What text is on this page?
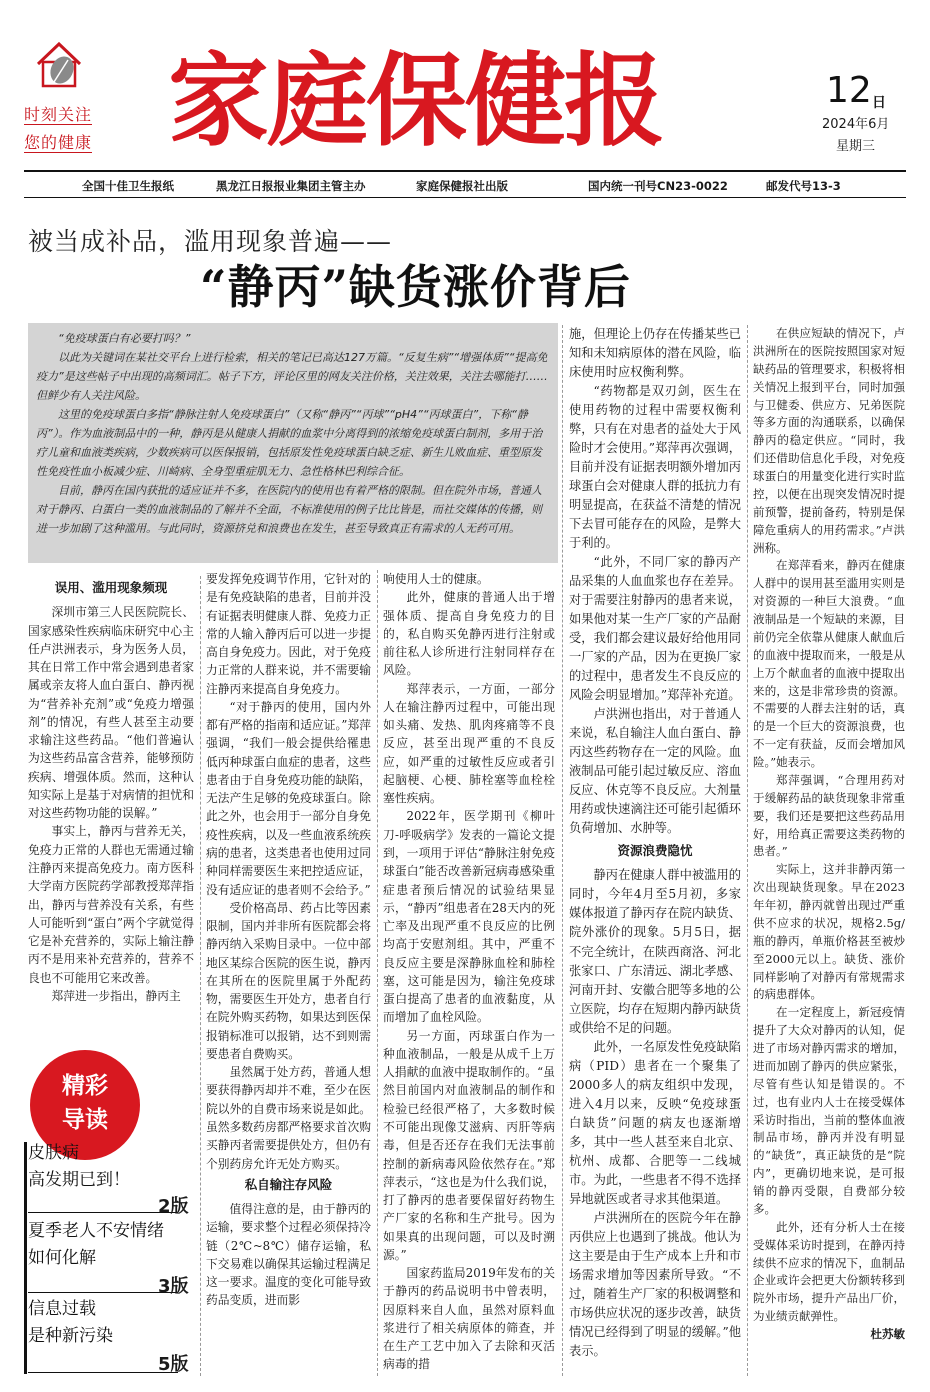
时刻关注
您的健康 家庭保健报	12 日
2024年6月
星期三
全国十佳卫生报纸	黑龙江日报报业集团主管主办	家庭保健报社出版	国内统一刊号CN23-0022	邮发代号13-3
被当成补品，滥用现象普遍——
“静丙”缺货涨价背后

“免疫球蛋白有必要打吗？”

以此为关键词在某社交平台上进行检索，相关的笔记已高达127万篇。“反复生病”“增强体质”“提高免疫力”是这些帖子中出现的高频词汇。帖子下方，评论区里的网友关注价格，关注效果，关注去哪能打……但鲜少有人关注风险。

这里的免疫球蛋白多指“静脉注射人免疫球蛋白”（又称“静丙”“丙球”“pH4”“丙球蛋白”，下称“静丙”）。作为血液制品中的一种，静丙是从健康人捐献的血浆中分离得到的浓缩免疫球蛋白制剂，多用于治疗儿童和血液类疾病，少数疾病可以医保报销，包括原发性免疫球蛋白缺乏症、新生儿败血症、重型原发性免疫性血小板减少症、川崎病、全身型重症肌无力、急性格林巴利综合征。

目前，静丙在国内获批的适应证并不多，在医院内的使用也有着严格的限制。但在院外市场，普通人对于静丙、白蛋白一类的血液制品的了解并不全面，不标准使用的例子比比皆是，而社交媒体的传播，则进一步加剧了这种滥用。与此同时，资源挤兑和浪费也在发生，甚至导致真正有需求的人无药可用。

误用、滥用现象频现

深圳市第三人民医院院长、国家感染性疾病临床研究中心主任卢洪洲表示，身为医务人员，其在日常工作中常会遇到患者家属或亲友将人血白蛋白、静丙视为“营养补充剂”或“免疫力增强剂”的情况，有些人甚至主动要求输注这些药品。“他们普遍认为这些药品富含营养，能够预防疾病、增强体质。然而，这种认知实际上是基于对病情的担忧和对这些药物功能的误解。”

事实上，静丙与营养无关，免疫力正常的人群也无需通过输注静丙来提高免疫力。南方医科大学南方医院药学部教授郑萍指出，静丙与营养没有关系，有些人可能听到“蛋白”两个字就觉得它是补充营养的，实际上输注静丙不是用来补充营养的，营养不良也不可能用它来改善。

郑萍进一步指出，静丙主

要发挥免疫调节作用，它针对的是有免疫缺陷的患者，目前并没有证据表明健康人群、免疫力正常的人输入静丙后可以进一步提高自身免疫力。因此，对于免疫力正常的人群来说，并不需要输注静丙来提高自身免疫力。

“对于静丙的使用，国内外都有严格的指南和适应证。”郑萍强调，“我们一般会提供给罹患低丙种球蛋白血症的患者，这些患者由于自身免疫功能的缺陷，无法产生足够的免疫球蛋白。除此之外，也会用于一部分自身免疫性疾病，以及一些血液系统疾病的患者，这类患者也使用过同种同样需要医生来把控适应证，没有适应证的患者则不会给予。”

受价格高昂、药占比等因素限制，国内并非所有医院都会将静丙纳入采购目录中。一位中部地区某综合医院的医生说，静丙在其所在的医院里属于外配药物，需要医生开处方，患者自行在院外购买药物，如果达到医保报销标准可以报销，达不到则需要患者自费购买。

虽然属于处方药，普通人想要获得静丙却并不难，至少在医院以外的自费市场来说是如此。虽然多数药房都严格要求首次购买静丙者需要提供处方，但仍有个别药房允许无处方购买。

私自输注存风险

值得注意的是，由于静丙的运输，要求整个过程必须保持冷链（2℃~8℃）储存运输，私下交易难以确保其运输过程满足这一要求。温度的变化可能导致药品变质，进而影

响使用人士的健康。

此外，健康的普通人出于增强体质、提高自身免疫力的目的，私自购买免静丙进行注射或前往私人诊所进行注射同样存在风险。

郑萍表示，一方面，一部分人在输注静丙过程中，可能出现如头痛、发热、肌肉疼痛等不良反应，甚至出现严重的不良反应，如严重的过敏性反应或者引起脑梗、心梗、肺栓塞等血栓栓塞性疾病。

2022年，医学期刊《柳叶刀-呼吸病学》发表的一篇论文提到，一项用于评估“静脉注射免疫球蛋白”能否改善新冠病毒感染重症患者预后情况的试验结果显示，“静丙”组患者在28天内的死亡率及出现严重不良反应的比例均高于安慰剂组。其中，严重不良反应主要是深静脉血栓和肺栓塞，这可能是因为，输注免疫球蛋白提高了患者的血液黏度，从而增加了血栓风险。

另一方面，丙球蛋白作为一种血液制品，一般是从成千上万人捐献的血液中提取制作的。“虽然目前国内对血液制品的制作和检验已经很严格了，大多数时候不可能出现像艾滋病、丙肝等病毒，但是否还存在我们无法事前控制的新病毒风险依然存在。”郑萍表示，“这也是为什么我们说，打了静丙的患者要保留好药物生产厂家的名称和生产批号。因为如果真的出现问题，可以及时溯源。”

国家药监局2019年发布的关于静丙的药品说明书中曾表明，因原料来自人血，虽然对原料血浆进行了相关病原体的筛查，并在生产工艺中加入了去除和灭活病毒的措

施，但理论上仍存在传播某些已知和未知病原体的潜在风险，临床使用时应权衡利弊。

“药物都是双刃剑，医生在使用药物的过程中需要权衡利弊，只有在对患者的益处大于风险时才会使用。”郑萍再次强调，目前并没有证据表明额外增加丙球蛋白会对健康人群的抵抗力有明显提高，在获益不清楚的情况下去冒可能存在的风险，是弊大于利的。

“此外，不同厂家的静丙产品采集的人血血浆也存在差异。对于需要注射静丙的患者来说，如果他对某一生产厂家的产品耐受，我们都会建议最好给他用同一厂家的产品，因为在更换厂家的过程中，患者发生不良反应的风险会明显增加。”郑萍补充道。

卢洪洲也指出，对于普通人来说，私自输注人血白蛋白、静丙这些药物存在一定的风险。血液制品可能引起过敏反应、溶血反应、休克等不良反应。大剂量用药或快速滴注还可能引起循环负荷增加、水肿等。

资源浪费隐忧

静丙在健康人群中被滥用的同时，今年4月至5月初，多家媒体报道了静丙存在院内缺货、院外涨价的现象。5月5日，据不完全统计，在陕西商洛、河北张家口、广东清远、湖北孝感、河南开封、安徽合肥等多地的公立医院，均存在短期内静丙缺货或供给不足的问题。

此外，一名原发性免疫缺陷病（PID）患者在一个聚集了2000多人的病友组织中发现，进入4月以来，反映“免疫球蛋白缺货”问题的病友也逐渐增多，其中一些人甚至来自北京、杭州、成都、合肥等一二线城市。为此，一些患者不得不选择异地就医或者寻求其他渠道。

卢洪洲所在的医院今年在静丙供应上也遇到了挑战。他认为这主要是由于生产成本上升和市场需求增加等因素所导致。“不过，随着生产厂家的积极调整和市场供应状况的逐步改善，缺货情况已经得到了明显的缓解。”他表示。

在供应短缺的情况下，卢洪洲所在的医院按照国家对短缺药品的管理要求，积极将相关情况上报到平台，同时加强与卫健委、供应方、兄弟医院等多方面的沟通联系，以确保静丙的稳定供应。“同时，我们还借助信息化手段，对免疫球蛋白的用量变化进行实时监控，以便在出现突发情况时提前预警，提前备药，特别是保障危重病人的用药需求。”卢洪洲称。

在郑萍看来，静丙在健康人群中的误用甚至滥用实则是对资源的一种巨大浪费。“血液制品是一个短缺的来源，目前仍完全依靠从健康人献血后的血液中提取而来，一般是从上万个献血者的血液中提取出来的，这是非常珍贵的资源。不需要的人群去注射的话，真的是一个巨大的资源浪费，也不一定有获益，反而会增加风险。”她表示。

郑萍强调，“合理用药对于缓解药品的缺货现象非常重要，我们还是要把这些药品用好，用给真正需要这类药物的患者。”

实际上，这并非静丙第一次出现缺货现象。早在2023年年初，静丙就曾出现过严重供不应求的状况，规格2.5g/瓶的静丙，单瓶价格甚至被炒至2000元以上。缺货、涨价同样影响了对静丙有常规需求的病患群体。

在一定程度上，新冠疫情提升了大众对静丙的认知，促进了市场对静丙需求的增加，进而加剧了静丙的供应紧张，尽管有些认知是错误的。不过，也有业内人士在接受媒体采访时指出，当前的整体血液制品市场，静丙并没有明显的“缺货”，真正缺货的是“院内”，更确切地来说，是可报销的静丙受限，自费部分较多。

此外，还有分析人士在接受媒体采访时提到，在静丙持续供不应求的情况下，血制品企业或许会把更大份额转移到院外市场，提升产品出厂价，为业绩贡献弹性。

杜苏敏

精彩
导读
皮肤病
高发期已到！
2版
夏季老人不安情绪
如何化解
3版
信息过载
是种新污染
5版
